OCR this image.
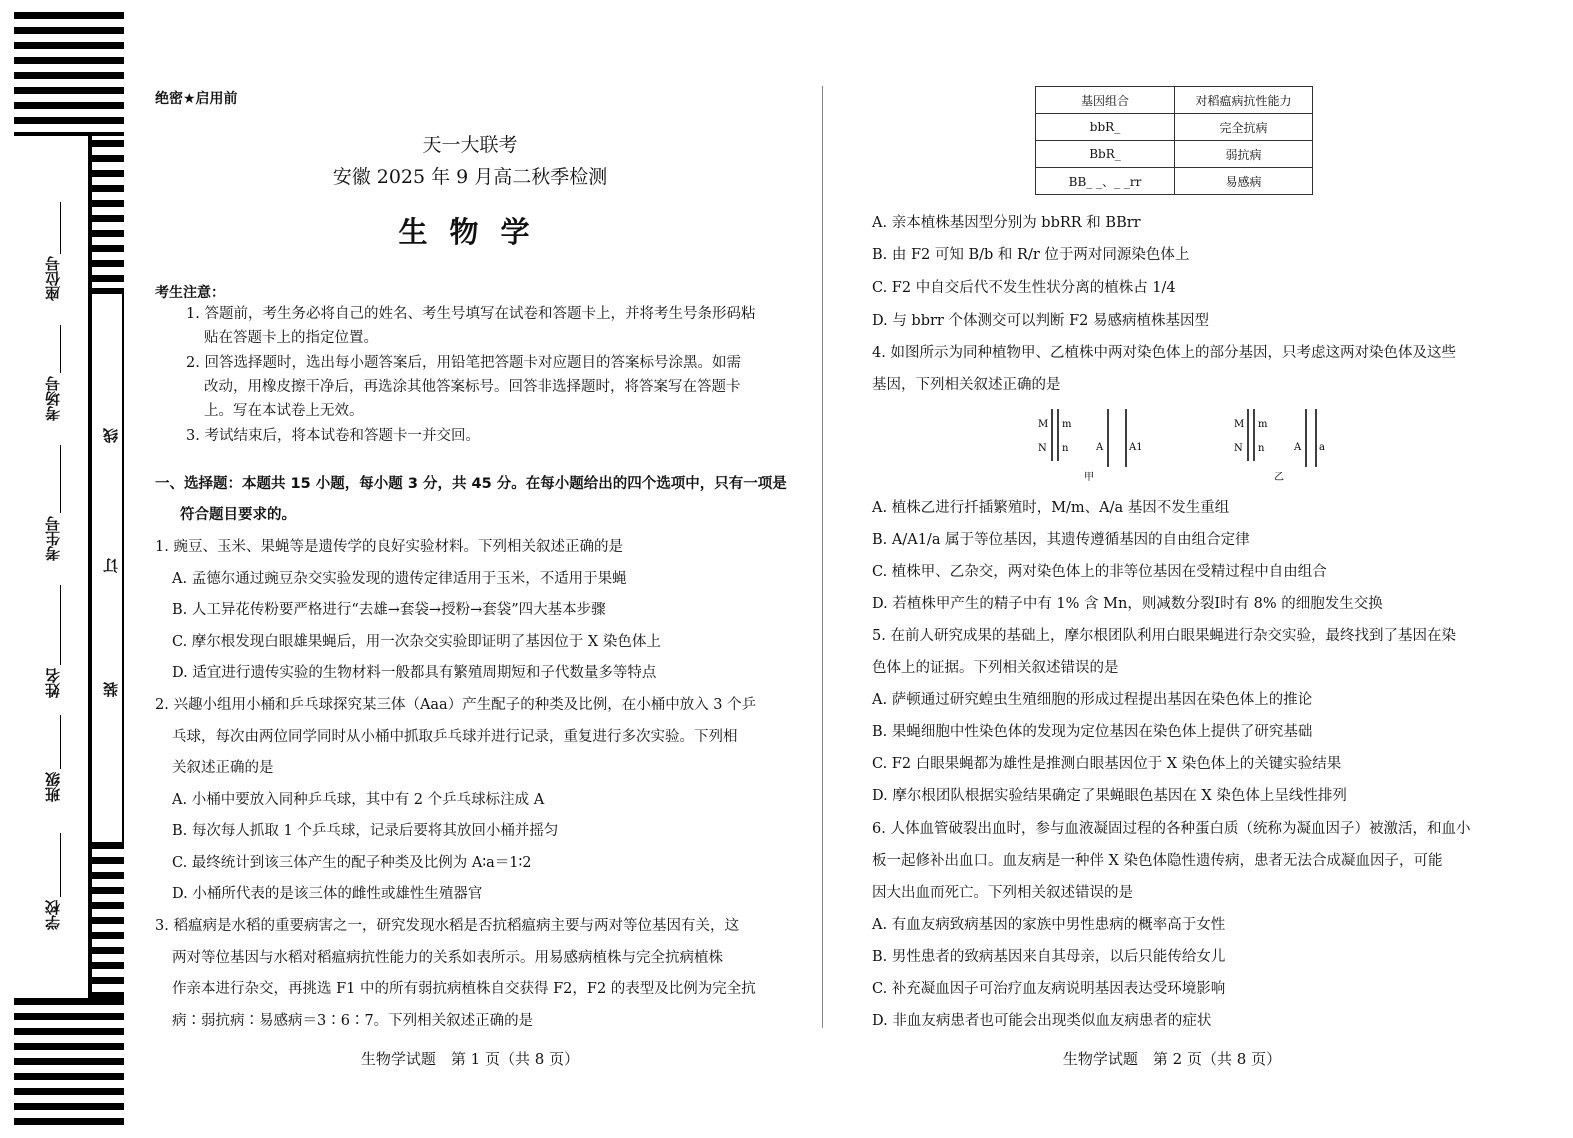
座位号
考场号
考生号
姓名
班级
学校
线
订
装
绝密★启用前
天一大联考
安徽 2025 年 9 月高二秋季检测
生物学
考生注意：
1. 答题前，考生务必将自己的姓名、考生号填写在试卷和答题卡上，并将考生号条形码粘
贴在答题卡上的指定位置。
2. 回答选择题时，选出每小题答案后，用铅笔把答题卡对应题目的答案标号涂黑。如需
改动，用橡皮擦干净后，再选涂其他答案标号。回答非选择题时，将答案写在答题卡
上。写在本试卷上无效。
3. 考试结束后，将本试卷和答题卡一并交回。
一、选择题：本题共 15 小题，每小题 3 分，共 45 分。在每小题给出的四个选项中，只有一项是
符合题目要求的。
1. 豌豆、玉米、果蝇等是遗传学的良好实验材料。下列相关叙述正确的是
A. 孟德尔通过豌豆杂交实验发现的遗传定律适用于玉米，不适用于果蝇
B. 人工异花传粉要严格进行“去雄→套袋→授粉→套袋”四大基本步骤
C. 摩尔根发现白眼雄果蝇后，用一次杂交实验即证明了基因位于 X 染色体上
D. 适宜进行遗传实验的生物材料一般都具有繁殖周期短和子代数量多等特点
2. 兴趣小组用小桶和乒乓球探究某三体（Aaa）产生配子的种类及比例，在小桶中放入 3 个乒
乓球，每次由两位同学同时从小桶中抓取乒乓球并进行记录，重复进行多次实验。下列相
关叙述正确的是
A. 小桶中要放入同种乒乓球，其中有 2 个乒乓球标注成 A
B. 每次每人抓取 1 个乒乓球，记录后要将其放回小桶并摇匀
C. 最终统计到该三体产生的配子种类及比例为 A∶a＝1∶2
D. 小桶所代表的是该三体的雌性或雄性生殖器官
3. 稻瘟病是水稻的重要病害之一，研究发现水稻是否抗稻瘟病主要与两对等位基因有关，这
两对等位基因与水稻对稻瘟病抗性能力的关系如表所示。用易感病植株与完全抗病植株
作亲本进行杂交，再挑选 F1 中的所有弱抗病植株自交获得 F2，F2 的表型及比例为完全抗
病∶弱抗病∶易感病＝3∶6∶7。下列相关叙述正确的是
生物学试题　第 1 页（共 8 页）
基因组合	对稻瘟病抗性能力
bbR_	完全抗病
BbR_	弱抗病
BB_ _、_ _rr	易感病
A. 亲本植株基因型分别为 bbRR 和 BBrr
B. 由 F2 可知 B/b 和 R/r 位于两对同源染色体上
C. F2 中自交后代不发生性状分离的植株占 1/4
D. 与 bbrr 个体测交可以判断 F2 易感病植株基因型
4. 如图所示为同种植物甲、乙植株中两对染色体上的部分基因，只考虑这两对染色体及这些
基因，下列相关叙述正确的是
M m
N n	A	A1
甲
M m
N n	A a
乙
A. 植株乙进行扦插繁殖时，M/m、A/a 基因不发生重组
B. A/A1/a 属于等位基因，其遗传遵循基因的自由组合定律
C. 植株甲、乙杂交，两对染色体上的非等位基因在受精过程中自由组合
D. 若植株甲产生的精子中有 1% 含 Mn，则减数分裂Ⅰ时有 8% 的细胞发生交换
5. 在前人研究成果的基础上，摩尔根团队利用白眼果蝇进行杂交实验，最终找到了基因在染
色体上的证据。下列相关叙述错误的是
A. 萨顿通过研究蝗虫生殖细胞的形成过程提出基因在染色体上的推论
B. 果蝇细胞中性染色体的发现为定位基因在染色体上提供了研究基础
C. F2 白眼果蝇都为雄性是推测白眼基因位于 X 染色体上的关键实验结果
D. 摩尔根团队根据实验结果确定了果蝇眼色基因在 X 染色体上呈线性排列
6. 人体血管破裂出血时，参与血液凝固过程的各种蛋白质（统称为凝血因子）被激活，和血小
板一起修补出血口。血友病是一种伴 X 染色体隐性遗传病，患者无法合成凝血因子，可能
因大出血而死亡。下列相关叙述错误的是
A. 有血友病致病基因的家族中男性患病的概率高于女性
B. 男性患者的致病基因来自其母亲，以后只能传给女儿
C. 补充凝血因子可治疗血友病说明基因表达受环境影响
D. 非血友病患者也可能会出现类似血友病患者的症状
生物学试题　第 2 页（共 8 页）
